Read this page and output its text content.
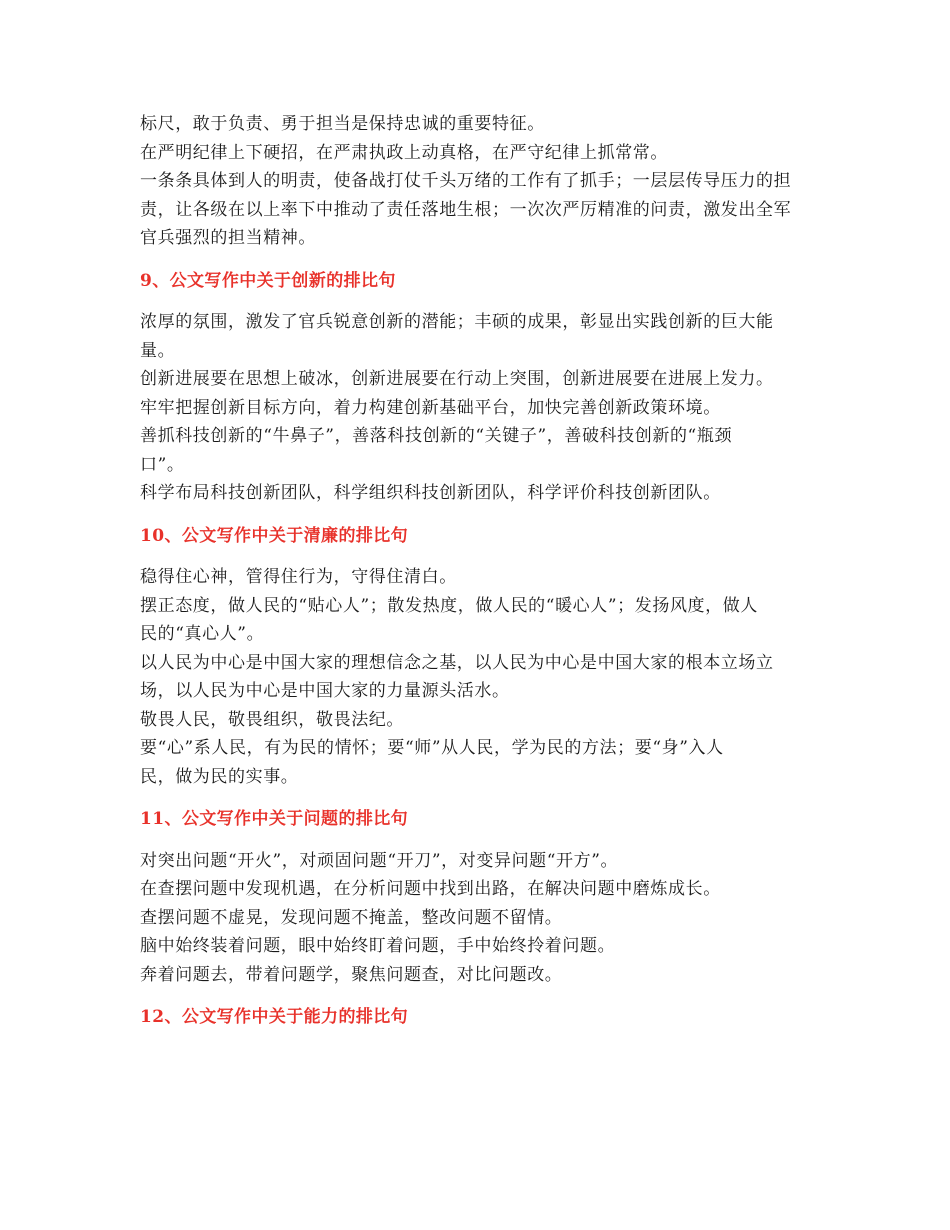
标尺，敢于负责、勇于担当是保持忠诚的重要特征。

在严明纪律上下硬招，在严肃执政上动真格，在严守纪律上抓常常。

一条条具体到人的明责，使备战打仗千头万绪的工作有了抓手；一层层传导压力的担

责，让各级在以上率下中推动了责任落地生根；一次次严厉精准的问责，激发出全军

官兵强烈的担当精神。

9、公文写作中关于创新的排比句

浓厚的氛围，激发了官兵锐意创新的潜能；丰硕的成果，彰显出实践创新的巨大能

量。

创新进展要在思想上破冰，创新进展要在行动上突围，创新进展要在进展上发力。

牢牢把握创新目标方向，着力构建创新基础平台，加快完善创新政策环境。

善抓科技创新的“牛鼻子”，善落科技创新的“关键子”，善破科技创新的“瓶颈

口”。

科学布局科技创新团队，科学组织科技创新团队，科学评价科技创新团队。

10、公文写作中关于清廉的排比句

稳得住心神，管得住行为，守得住清白。

摆正态度，做人民的“贴心人”；散发热度，做人民的“暖心人”；发扬风度，做人

民的“真心人”。

以人民为中心是中国大家的理想信念之基，以人民为中心是中国大家的根本立场立

场，以人民为中心是中国大家的力量源头活水。

敬畏人民，敬畏组织，敬畏法纪。

要“心”系人民，有为民的情怀；要“师”从人民，学为民的方法；要“身”入人

民，做为民的实事。

11、公文写作中关于问题的排比句

对突出问题“开火”，对顽固问题“开刀”，对变异问题“开方”。

在查摆问题中发现机遇，在分析问题中找到出路，在解决问题中磨炼成长。

查摆问题不虚晃，发现问题不掩盖，整改问题不留情。

脑中始终装着问题，眼中始终盯着问题，手中始终拎着问题。

奔着问题去，带着问题学，聚焦问题查，对比问题改。

12、公文写作中关于能力的排比句
